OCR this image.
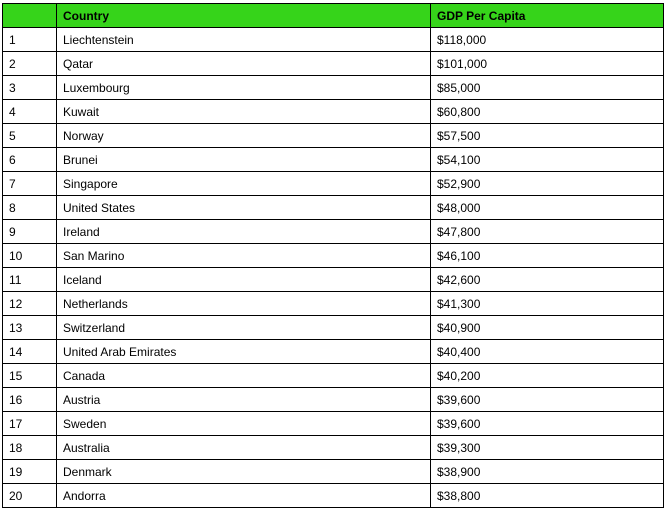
	Country	GDP Per Capita
1	Liechtenstein	$118,000
2	Qatar	$101,000
3	Luxembourg	$85,000
4	Kuwait	$60,800
5	Norway	$57,500
6	Brunei	$54,100
7	Singapore	$52,900
8	United States	$48,000
9	Ireland	$47,800
10	San Marino	$46,100
11	Iceland	$42,600
12	Netherlands	$41,300
13	Switzerland	$40,900
14	United Arab Emirates	$40,400
15	Canada	$40,200
16	Austria	$39,600
17	Sweden	$39,600
18	Australia	$39,300
19	Denmark	$38,900
20	Andorra	$38,800
